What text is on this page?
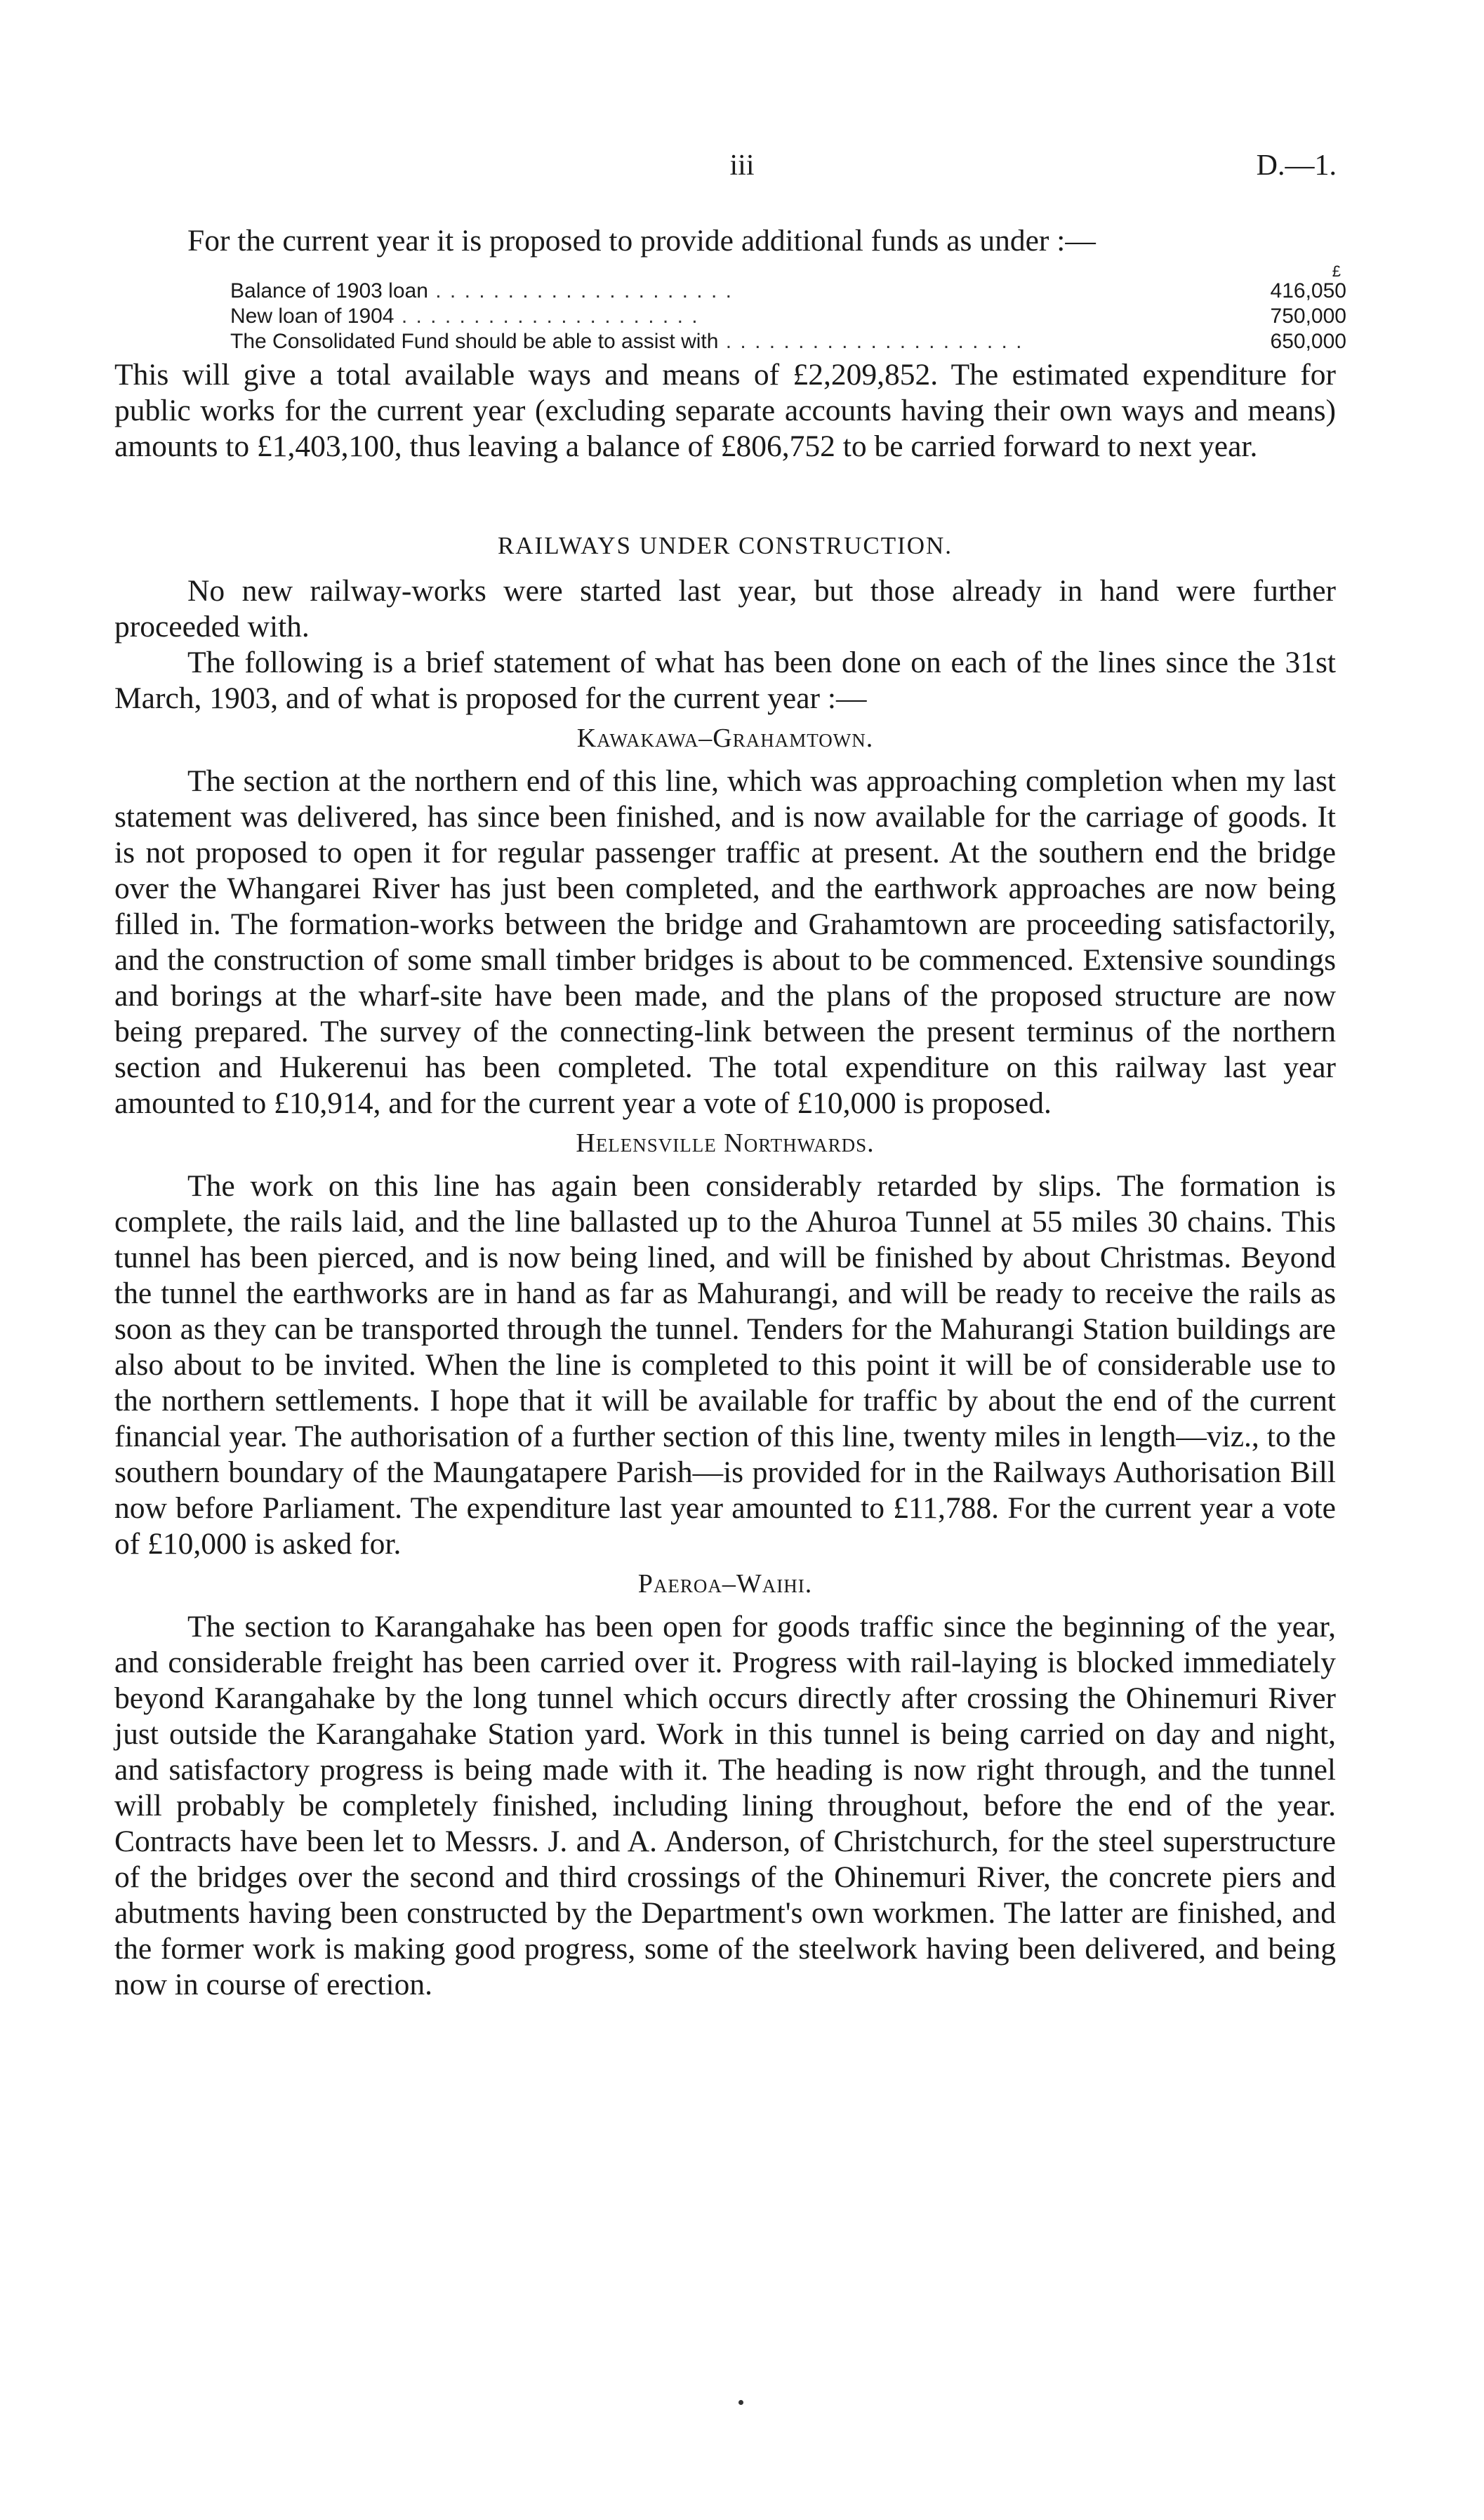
iii	D.—1.

For the current year it is proposed to provide additional funds as under :—

£
Balance of 1903 loan . . .	416,050
New loan of 1904 . . .	750,000
The Consolidated Fund should be able to assist with . . .	650,000

This will give a total available ways and means of £2,209,852. The estimated expenditure for public works for the current year (excluding separate accounts having their own ways and means) amounts to £1,403,100, thus leaving a balance of £806,752 to be carried forward to next year.

RAILWAYS UNDER CONSTRUCTION.

No new railway-works were started last year, but those already in hand were further proceeded with.

The following is a brief statement of what has been done on each of the lines since the 31st March, 1903, and of what is proposed for the current year :—

Kawakawa–Grahamtown.

The section at the northern end of this line, which was approaching completion when my last statement was delivered, has since been finished, and is now available for the carriage of goods. It is not proposed to open it for regular passenger traffic at present. At the southern end the bridge over the Whangarei River has just been completed, and the earthwork approaches are now being filled in. The formation-works between the bridge and Grahamtown are proceeding satisfactorily, and the construction of some small timber bridges is about to be commenced. Extensive soundings and borings at the wharf-site have been made, and the plans of the proposed structure are now being prepared. The survey of the connecting-link between the present terminus of the northern section and Hukerenui has been completed. The total expenditure on this railway last year amounted to £10,914, and for the current year a vote of £10,000 is proposed.

Helensville Northwards.

The work on this line has again been considerably retarded by slips. The formation is complete, the rails laid, and the line ballasted up to the Ahuroa Tunnel at 55 miles 30 chains. This tunnel has been pierced, and is now being lined, and will be finished by about Christmas. Beyond the tunnel the earthworks are in hand as far as Mahurangi, and will be ready to receive the rails as soon as they can be transported through the tunnel. Tenders for the Mahurangi Station buildings are also about to be invited. When the line is completed to this point it will be of considerable use to the northern settlements. I hope that it will be available for traffic by about the end of the current financial year. The authorisation of a further section of this line, twenty miles in length—viz., to the southern boundary of the Maungatapere Parish—is provided for in the Railways Authorisation Bill now before Parliament. The expenditure last year amounted to £11,788. For the current year a vote of £10,000 is asked for.

Paeroa–Waihi.

The section to Karangahake has been open for goods traffic since the beginning of the year, and considerable freight has been carried over it. Progress with rail-laying is blocked immediately beyond Karangahake by the long tunnel which occurs directly after crossing the Ohinemuri River just outside the Karangahake Station yard. Work in this tunnel is being carried on day and night, and satisfactory progress is being made with it. The heading is now right through, and the tunnel will probably be completely finished, including lining throughout, before the end of the year. Contracts have been let to Messrs. J. and A. Anderson, of Christchurch, for the steel superstructure of the bridges over the second and third crossings of the Ohinemuri River, the concrete piers and abutments having been constructed by the Department's own workmen. The latter are finished, and the former work is making good progress, some of the steelwork having been delivered, and being now in course of erection.
